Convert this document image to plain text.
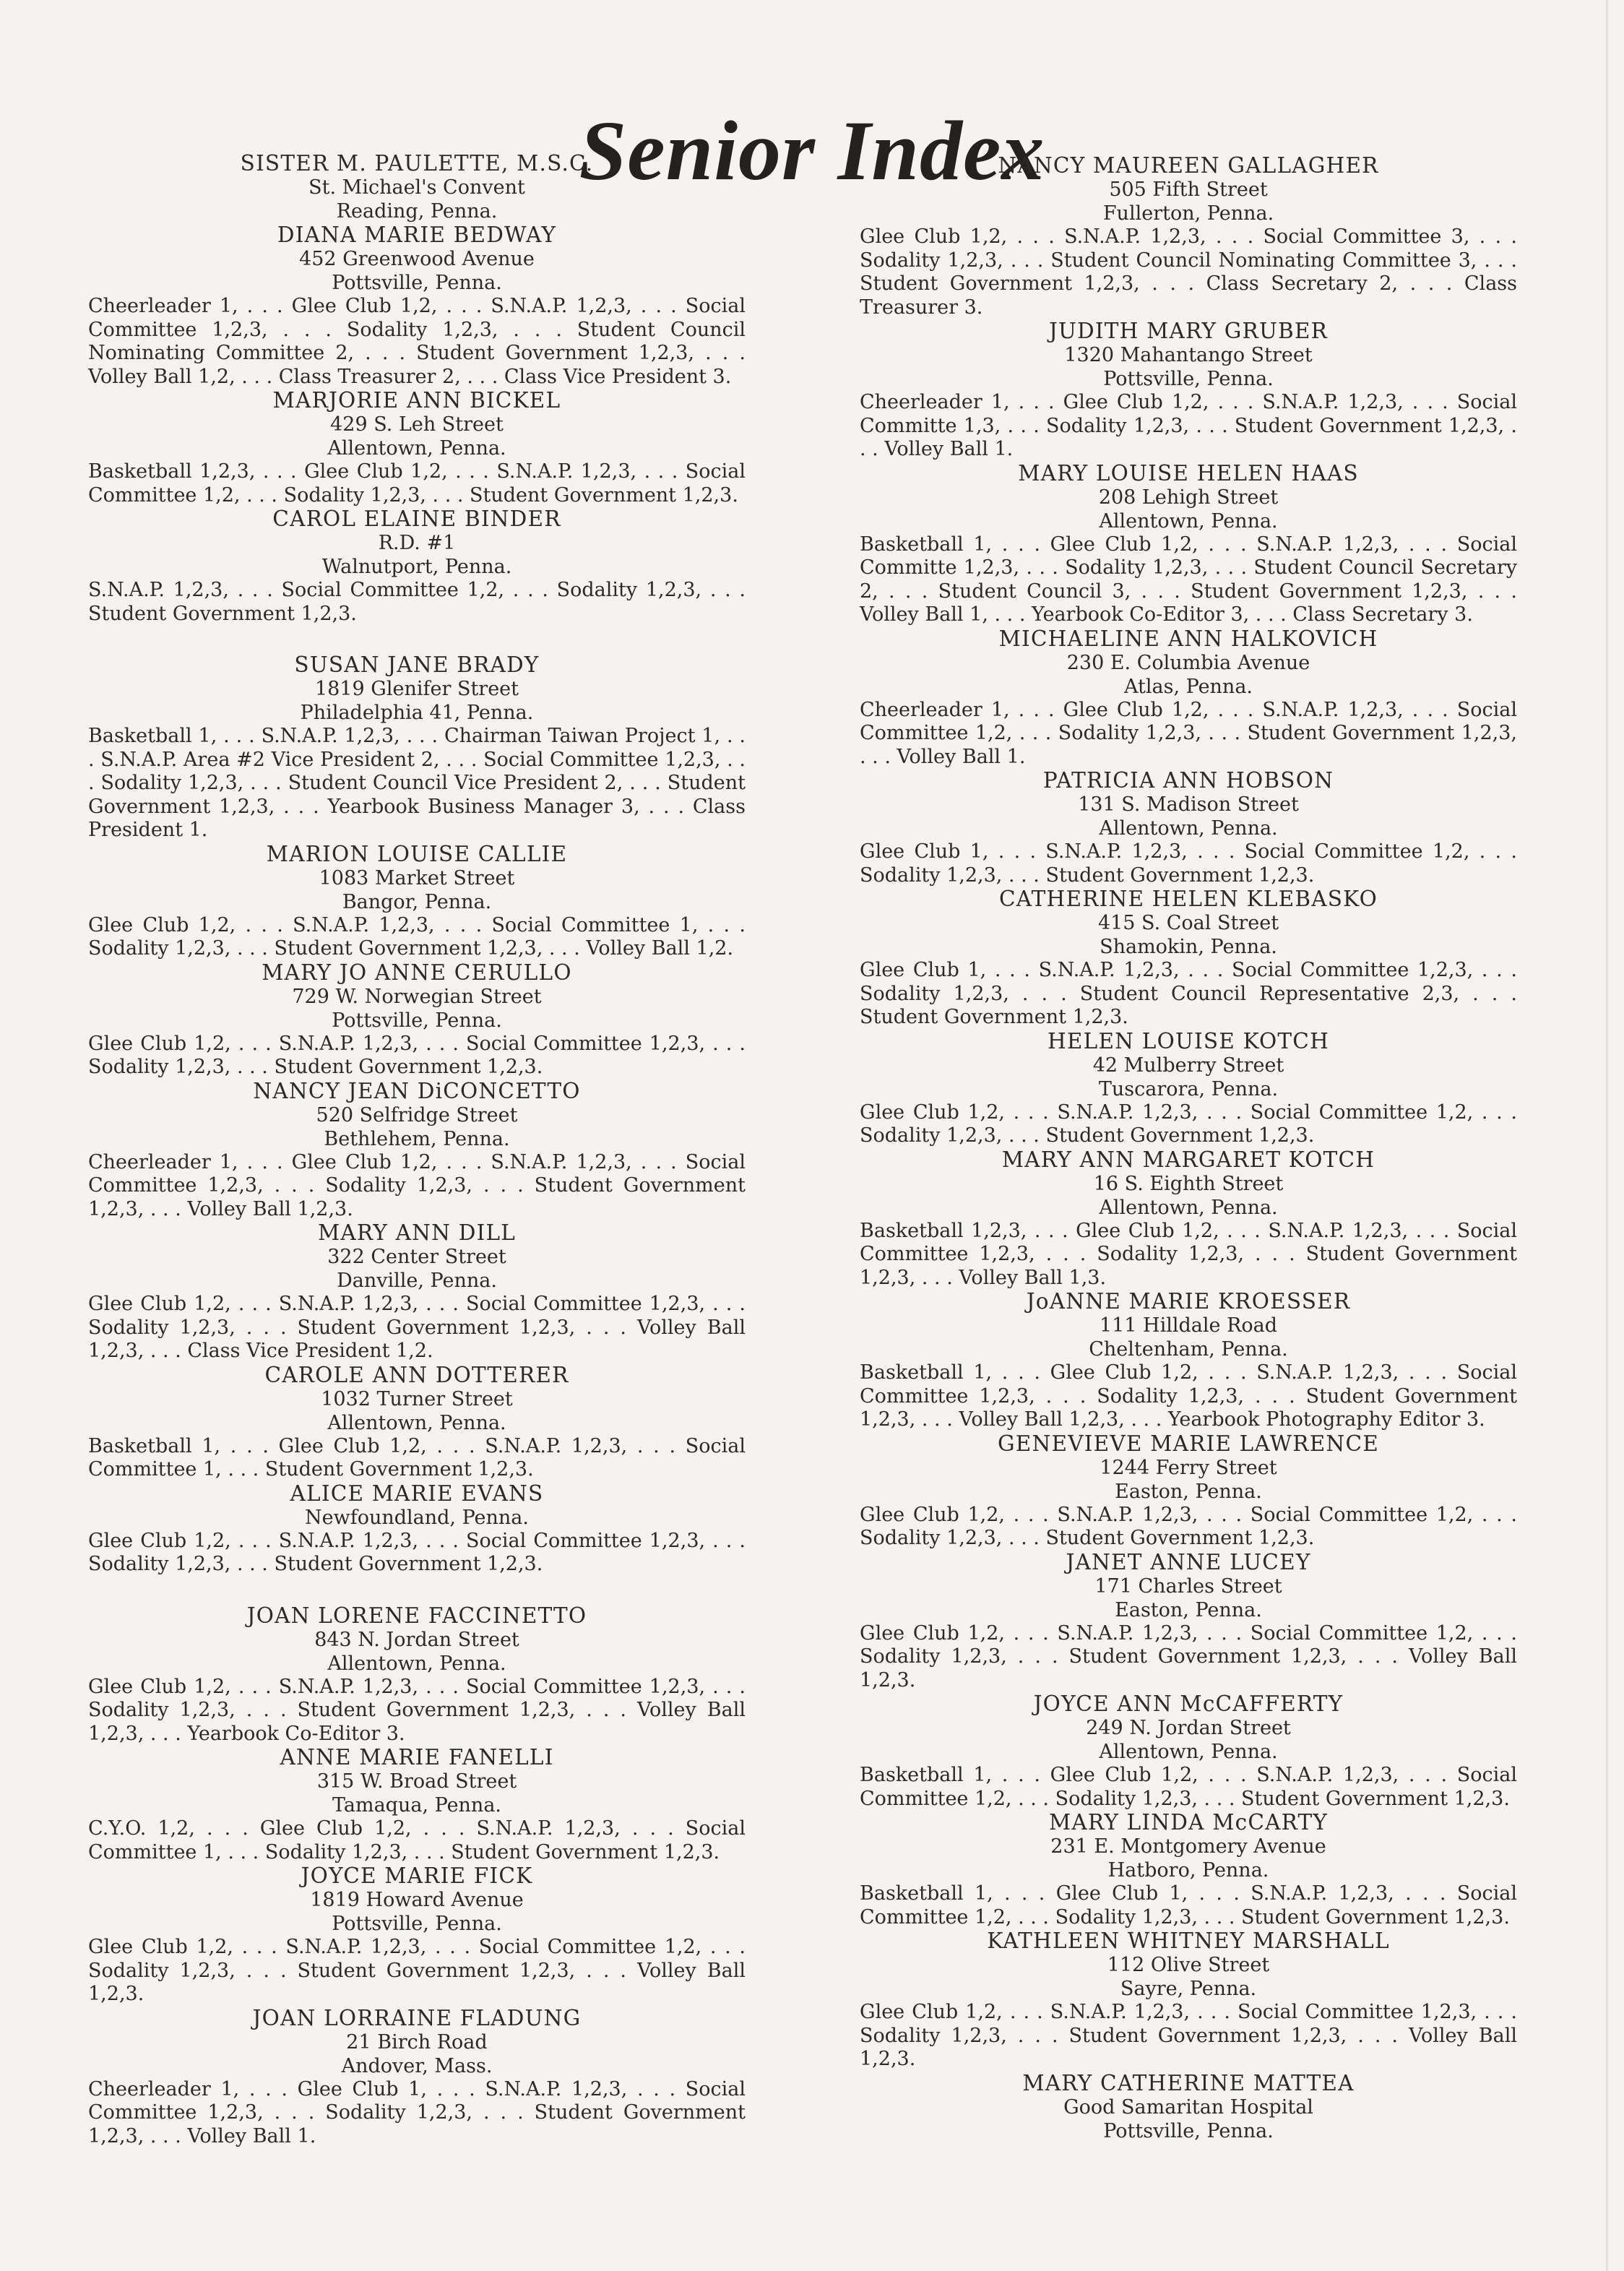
Senior Index

SISTER M. PAULETTE, M.S.C.

St. Michael's Convent

Reading, Penna.

DIANA MARIE BEDWAY

452 Greenwood Avenue

Pottsville, Penna.

Cheerleader 1, . . . Glee Club 1,2, . . . S.N.A.P. 1,2,3, . . . Social Committee 1,2,3, . . . Sodality 1,2,3, . . . Student Council Nominating Committee 2, . . . Student Government 1,2,3, . . . Volley Ball 1,2, . . . Class Treasurer 2, . . . Class Vice President 3.

MARJORIE ANN BICKEL

429 S. Leh Street

Allentown, Penna.

Basketball 1,2,3, . . . Glee Club 1,2, . . . S.N.A.P. 1,2,3, . . . Social Committee 1,2, . . . Sodality 1,2,3, . . . Student Government 1,2,3.

CAROL ELAINE BINDER

R.D. #1

Walnutport, Penna.

S.N.A.P. 1,2,3, . . . Social Committee 1,2, . . . Sodality 1,2,3, . . . Student Government 1,2,3.

SUSAN JANE BRADY

1819 Glenifer Street

Philadelphia 41, Penna.

Basketball 1, . . . S.N.A.P. 1,2,3, . . . Chairman Taiwan Project 1, . . . S.N.A.P. Area #2 Vice President 2, . . . Social Committee 1,2,3, . . . Sodality 1,2,3, . . . Student Council Vice President 2, . . . Student Government 1,2,3, . . . Yearbook Business Manager 3, . . . Class President 1.

MARION LOUISE CALLIE

1083 Market Street

Bangor, Penna.

Glee Club 1,2, . . . S.N.A.P. 1,2,3, . . . Social Committee 1, . . . Sodality 1,2,3, . . . Student Government 1,2,3, . . . Volley Ball 1,2.

MARY JO ANNE CERULLO

729 W. Norwegian Street

Pottsville, Penna.

Glee Club 1,2, . . . S.N.A.P. 1,2,3, . . . Social Committee 1,2,3, . . . Sodality 1,2,3, . . . Student Government 1,2,3.

NANCY JEAN DiCONCETTO

520 Selfridge Street

Bethlehem, Penna.

Cheerleader 1, . . . Glee Club 1,2, . . . S.N.A.P. 1,2,3, . . . Social Committee 1,2,3, . . . Sodality 1,2,3, . . . Student Government 1,2,3, . . . Volley Ball 1,2,3.

MARY ANN DILL

322 Center Street

Danville, Penna.

Glee Club 1,2, . . . S.N.A.P. 1,2,3, . . . Social Committee 1,2,3, . . . Sodality 1,2,3, . . . Student Government 1,2,3, . . . Volley Ball 1,2,3, . . . Class Vice President 1,2.

CAROLE ANN DOTTERER

1032 Turner Street

Allentown, Penna.

Basketball 1, . . . Glee Club 1,2, . . . S.N.A.P. 1,2,3, . . . Social Committee 1, . . . Student Government 1,2,3.

ALICE MARIE EVANS

Newfoundland, Penna.

Glee Club 1,2, . . . S.N.A.P. 1,2,3, . . . Social Committee 1,2,3, . . . Sodality 1,2,3, . . . Student Government 1,2,3.

JOAN LORENE FACCINETTO

843 N. Jordan Street

Allentown, Penna.

Glee Club 1,2, . . . S.N.A.P. 1,2,3, . . . Social Committee 1,2,3, . . . Sodality 1,2,3, . . . Student Government 1,2,3, . . . Volley Ball 1,2,3, . . . Yearbook Co-Editor 3.

ANNE MARIE FANELLI

315 W. Broad Street

Tamaqua, Penna.

C.Y.O. 1,2, . . . Glee Club 1,2, . . . S.N.A.P. 1,2,3, . . . Social Committee 1, . . . Sodality 1,2,3, . . . Student Government 1,2,3.

JOYCE MARIE FICK

1819 Howard Avenue

Pottsville, Penna.

Glee Club 1,2, . . . S.N.A.P. 1,2,3, . . . Social Committee 1,2, . . . Sodality 1,2,3, . . . Student Government 1,2,3, . . . Volley Ball 1,2,3.

JOAN LORRAINE FLADUNG

21 Birch Road

Andover, Mass.

Cheerleader 1, . . . Glee Club 1, . . . S.N.A.P. 1,2,3, . . . Social Committee 1,2,3, . . . Sodality 1,2,3, . . . Student Government 1,2,3, . . . Volley Ball 1.

NANCY MAUREEN GALLAGHER

505 Fifth Street

Fullerton, Penna.

Glee Club 1,2, . . . S.N.A.P. 1,2,3, . . . Social Committee 3, . . . Sodality 1,2,3, . . . Student Council Nominating Committee 3, . . . Student Government 1,2,3, . . . Class Secretary 2, . . . Class Treasurer 3.

JUDITH MARY GRUBER

1320 Mahantango Street

Pottsville, Penna.

Cheerleader 1, . . . Glee Club 1,2, . . . S.N.A.P. 1,2,3, . . . Social Committe 1,3, . . . Sodality 1,2,3, . . . Student Government 1,2,3, . . . Volley Ball 1.

MARY LOUISE HELEN HAAS

208 Lehigh Street

Allentown, Penna.

Basketball 1, . . . Glee Club 1,2, . . . S.N.A.P. 1,2,3, . . . Social Committe 1,2,3, . . . Sodality 1,2,3, . . . Student Council Secretary 2, . . . Student Council 3, . . . Student Government 1,2,3, . . . Volley Ball 1, . . . Yearbook Co-Editor 3, . . . Class Secretary 3.

MICHAELINE ANN HALKOVICH

230 E. Columbia Avenue

Atlas, Penna.

Cheerleader 1, . . . Glee Club 1,2, . . . S.N.A.P. 1,2,3, . . . Social Committee 1,2, . . . Sodality 1,2,3, . . . Student Government 1,2,3, . . . Volley Ball 1.

PATRICIA ANN HOBSON

131 S. Madison Street

Allentown, Penna.

Glee Club 1, . . . S.N.A.P. 1,2,3, . . . Social Committee 1,2, . . . Sodality 1,2,3, . . . Student Government 1,2,3.

CATHERINE HELEN KLEBASKO

415 S. Coal Street

Shamokin, Penna.

Glee Club 1, . . . S.N.A.P. 1,2,3, . . . Social Committee 1,2,3, . . . Sodality 1,2,3, . . . Student Council Representative 2,3, . . . Student Government 1,2,3.

HELEN LOUISE KOTCH

42 Mulberry Street

Tuscarora, Penna.

Glee Club 1,2, . . . S.N.A.P. 1,2,3, . . . Social Committee 1,2, . . . Sodality 1,2,3, . . . Student Government 1,2,3.

MARY ANN MARGARET KOTCH

16 S. Eighth Street

Allentown, Penna.

Basketball 1,2,3, . . . Glee Club 1,2, . . . S.N.A.P. 1,2,3, . . . Social Committee 1,2,3, . . . Sodality 1,2,3, . . . Student Government 1,2,3, . . . Volley Ball 1,3.

JoANNE MARIE KROESSER

111 Hilldale Road

Cheltenham, Penna.

Basketball 1, . . . Glee Club 1,2, . . . S.N.A.P. 1,2,3, . . . Social Committee 1,2,3, . . . Sodality 1,2,3, . . . Student Government 1,2,3, . . . Volley Ball 1,2,3, . . . Yearbook Photography Editor 3.

GENEVIEVE MARIE LAWRENCE

1244 Ferry Street

Easton, Penna.

Glee Club 1,2, . . . S.N.A.P. 1,2,3, . . . Social Committee 1,2, . . . Sodality 1,2,3, . . . Student Government 1,2,3.

JANET ANNE LUCEY

171 Charles Street

Easton, Penna.

Glee Club 1,2, . . . S.N.A.P. 1,2,3, . . . Social Committee 1,2, . . . Sodality 1,2,3, . . . Student Government 1,2,3, . . . Volley Ball 1,2,3.

JOYCE ANN McCAFFERTY

249 N. Jordan Street

Allentown, Penna.

Basketball 1, . . . Glee Club 1,2, . . . S.N.A.P. 1,2,3, . . . Social Committee 1,2, . . . Sodality 1,2,3, . . . Student Government 1,2,3.

MARY LINDA McCARTY

231 E. Montgomery Avenue

Hatboro, Penna.

Basketball 1, . . . Glee Club 1, . . . S.N.A.P. 1,2,3, . . . Social Committee 1,2, . . . Sodality 1,2,3, . . . Student Government 1,2,3.

KATHLEEN WHITNEY MARSHALL

112 Olive Street

Sayre, Penna.

Glee Club 1,2, . . . S.N.A.P. 1,2,3, . . . Social Committee 1,2,3, . . . Sodality 1,2,3, . . . Student Government 1,2,3, . . . Volley Ball 1,2,3.

MARY CATHERINE MATTEA

Good Samaritan Hospital

Pottsville, Penna.
